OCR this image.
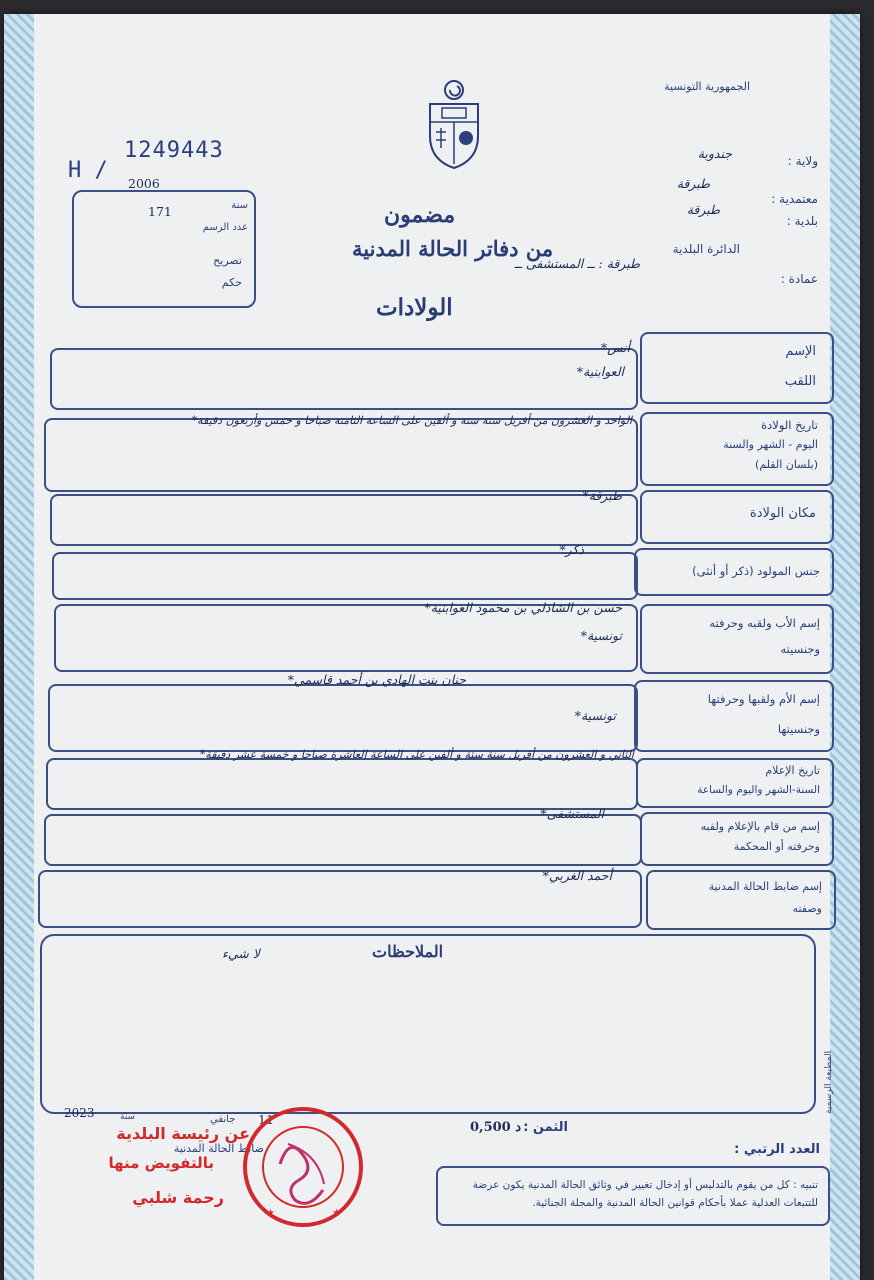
الجمهورية التونسية
ولاية :
جندوبة
معتمدية :
طبرقة
طبرقة
بلدية :
الدائرة البلدية
طبرقة : ــ المستشفى ــ
عمادة :
H /
1249443
2006
سنة
171
عدد الرسم
تصريح
حكم
مضمون
من دفاتر الحالة المدنية
الولادات
الإسم
اللقب
أنس*
العوابنية*
تاريخ الولادة
اليوم - الشهر والسنة
(بلسان القلم)
الواحد و العشرون من أفريل سنة ستة و ألفين على الساعة الثامنة صباحا و خمس وأربعون دقيقة*
مكان الولادة
طبرقة*
جنس المولود (ذكر أو أنثى)
ذكر*
إسم الأب ولقبه وحرفته
وجنسيته
حسن بن الشاذلي بن محمود العوابنية*
تونسية*
إسم الأم ولقبها وحرفتها
وجنسيتها
حنان بنت الهادي بن أحمد قاسمي*
تونسية*
تاريخ الإعلام
السنة-الشهر واليوم والساعة
الثاني و العشرون من أفريل سنة ستة و ألفين على الساعة العاشرة صباحا و خمسة عشر دقيقة*
إسم من قام بالإعلام ولقبه
وحرفته أو المحكمة
المستشفى*
إسم ضابط الحالة المدنية
وصفته
أحمد الغربي*
الملاحظات
لا شيء
المطبعة الرسمية
2023	سنة	11
جانفي
عن رئيسة البلدية
ضابط الحالة المدنية
بالتفويض منها
رحمة شلبي
★	★
الثمن :
0,500 د
العدد الرتبي :
تنبيه : كل من يقوم بالتدليس أو إدخال تغيير في وثائق الحالة المدنية يكون عرضة للتتبعات العدلية عملا بأحكام قوانين الحالة المدنية والمجلة الجنائية.
